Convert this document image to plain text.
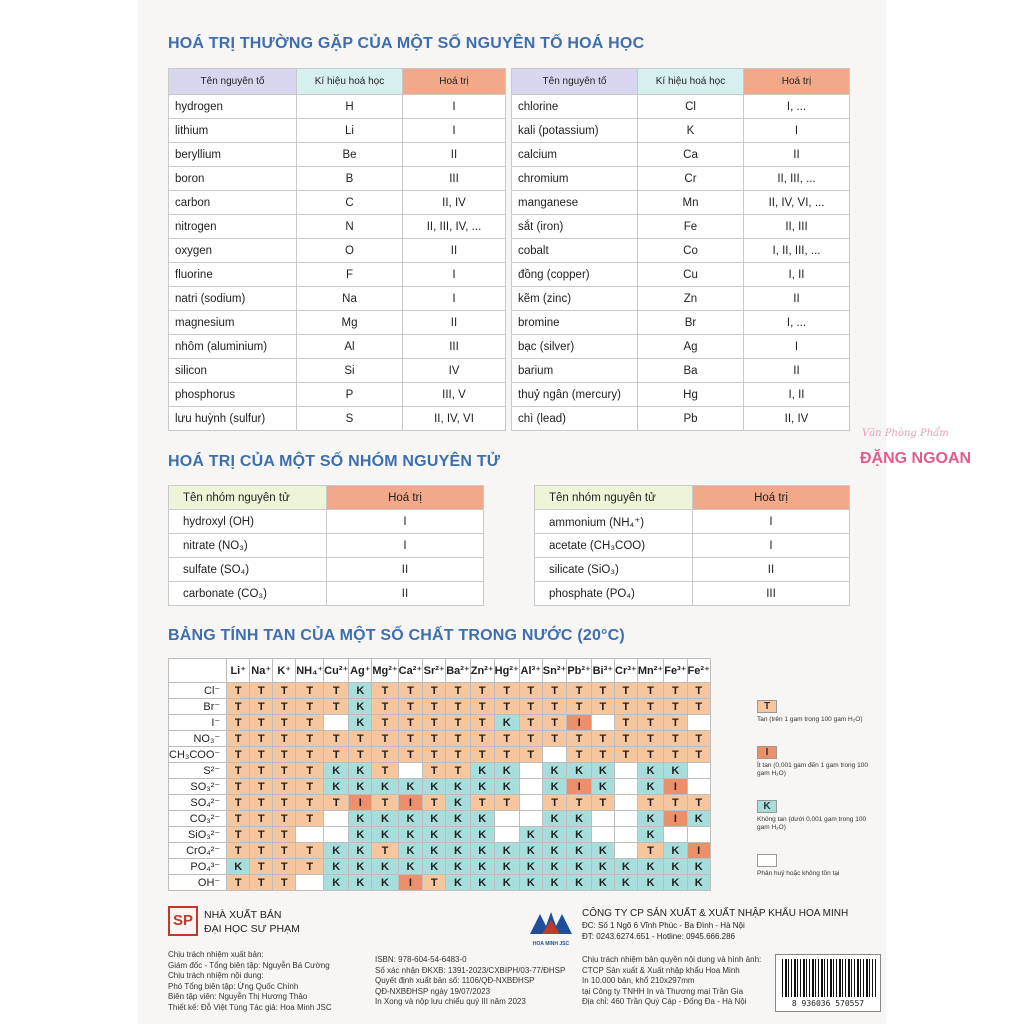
HOÁ TRỊ THƯỜNG GẶP CỦA MỘT SỐ NGUYÊN TỐ HOÁ HỌC
Tên nguyên tố	Kí hiệu hoá học	Hoá trị
hydrogen	H	I
lithium	Li	I
beryllium	Be	II
boron	B	III
carbon	C	II, IV
nitrogen	N	II, III, IV, ...
oxygen	O	II
fluorine	F	I
natri (sodium)	Na	I
magnesium	Mg	II
nhôm (aluminium)	Al	III
silicon	Si	IV
phosphorus	P	III, V
lưu huỳnh (sulfur)	S	II, IV, VI
Tên nguyên tố	Kí hiệu hoá học	Hoá trị
chlorine	Cl	I, ...
kali (potassium)	K	I
calcium	Ca	II
chromium	Cr	II, III, ...
manganese	Mn	II, IV, VI, ...
sắt (iron)	Fe	II, III
cobalt	Co	I, II, III, ...
đồng (copper)	Cu	I, II
kẽm (zinc)	Zn	II
bromine	Br	I, ...
bạc (silver)	Ag	I
barium	Ba	II
thuỷ ngân (mercury)	Hg	I, II
chì (lead)	Pb	II, IV
HOÁ TRỊ CỦA MỘT SỐ NHÓM NGUYÊN TỬ
Tên nhóm nguyên tử	Hoá trị
hydroxyl (OH)	I
nitrate (NO₃)	I
sulfate (SO₄)	II
carbonate (CO₃)	II
Tên nhóm nguyên tử	Hoá trị
ammonium (NH₄⁺)	I
acetate (CH₃COO)	I
silicate (SiO₃)	II
phosphate (PO₄)	III
BẢNG TÍNH TAN CỦA MỘT SỐ CHẤT TRONG NƯỚC (20°C)
	Li⁺	Na⁺	K⁺	NH₄⁺	Cu²⁺	Ag⁺	Mg²⁺	Ca²⁺	Sr²⁺	Ba²⁺	Zn²⁺	Hg²⁺	Al³⁺	Sn²⁺	Pb²⁺	Bi³⁺	Cr³⁺	Mn²⁺	Fe³⁺	Fe²⁺
Cl⁻	T	T	T	T	T	K	T	T	T	T	T	T	T	T	T	T	T	T	T	T
Br⁻	T	T	T	T	T	K	T	T	T	T	T	T	T	T	T	T	T	T	T	T
I⁻	T	T	T	T		K	T	T	T	T	T	K	T	T	I		T	T	T	
NO₃⁻	T	T	T	T	T	T	T	T	T	T	T	T	T	T	T	T	T	T	T	T
CH₃COO⁻	T	T	T	T	T	T	T	T	T	T	T	T	T		T	T	T	T	T	T
S²⁻	T	T	T	T	K	K	T		T	T	K	K		K	K	K		K	K	
SO₃²⁻	T	T	T	T	K	K	K	K	K	K	K	K		K	I	K		K	I	
SO₄²⁻	T	T	T	T	T	I	T	I	T	K	T	T		T	T	T		T	T	T
CO₃²⁻	T	T	T	T		K	K	K	K	K	K			K	K			K	I	K
SiO₃²⁻	T	T	T			K	K	K	K	K	K		K	K	K			K		
CrO₄²⁻	T	T	T	T	K	K	T	K	K	K	K	K	K	K	K	K		T	K	I
PO₄³⁻	K	T	T	T	K	K	K	K	K	K	K	K	K	K	K	K	K	K	K	K
OH⁻	T	T	T		K	K	K	I	T	K	K	K	K	K	K	K	K	K	K	K
T
Tan (trên 1 gam trong 100 gam H₂O)
I
Ít tan (0,001 gam đến 1 gam trong 100 gam H₂O)
K
Không tan (dưới 0,001 gam trong 100 gam H₂O)
Phân huỷ hoặc không tồn tại
Văn Phòng Phẩm
ĐẶNG NGOAN
SP	NHÀ XUẤT BẢN
ĐẠI HỌC SƯ PHẠM
HOA MINH JSC
CÔNG TY CP SẢN XUẤT & XUẤT NHẬP KHẨU HOA MINH
ĐC: Số 1 Ngõ 6 Vĩnh Phúc - Ba Đình - Hà Nội
ĐT: 0243.6274.651 - Hotline: 0945.666.286
Chịu trách nhiệm xuất bản:
Giám đốc - Tổng biên tập: Nguyễn Bá Cường
Chịu trách nhiệm nội dung:
Phó Tổng biên tập: Ừng Quốc Chính
Biên tập viên: Nguyễn Thị Hương Thảo
Thiết kế: Đỗ Việt Tùng Tác giả: Hoa Minh JSC
ISBN: 978-604-54-6483-0
Số xác nhận ĐKXB: 1391-2023/CXBIPH/03-77/ĐHSP
Quyết định xuất bản số: 1106/QĐ-NXBĐHSP
QĐ-NXBĐHSP ngày 19/07/2023
In Xong và nộp lưu chiểu quý III năm 2023
Chịu trách nhiệm bản quyền nội dung và hình ảnh:
CTCP Sản xuất & Xuất nhập khẩu Hoa Minh
In 10.000 bản, khổ 210x297mm
tại Công ty TNHH In và Thương mại Trần Gia
Địa chỉ: 460 Trần Quý Cáp - Đống Đa - Hà Nội	8 936036 570557
